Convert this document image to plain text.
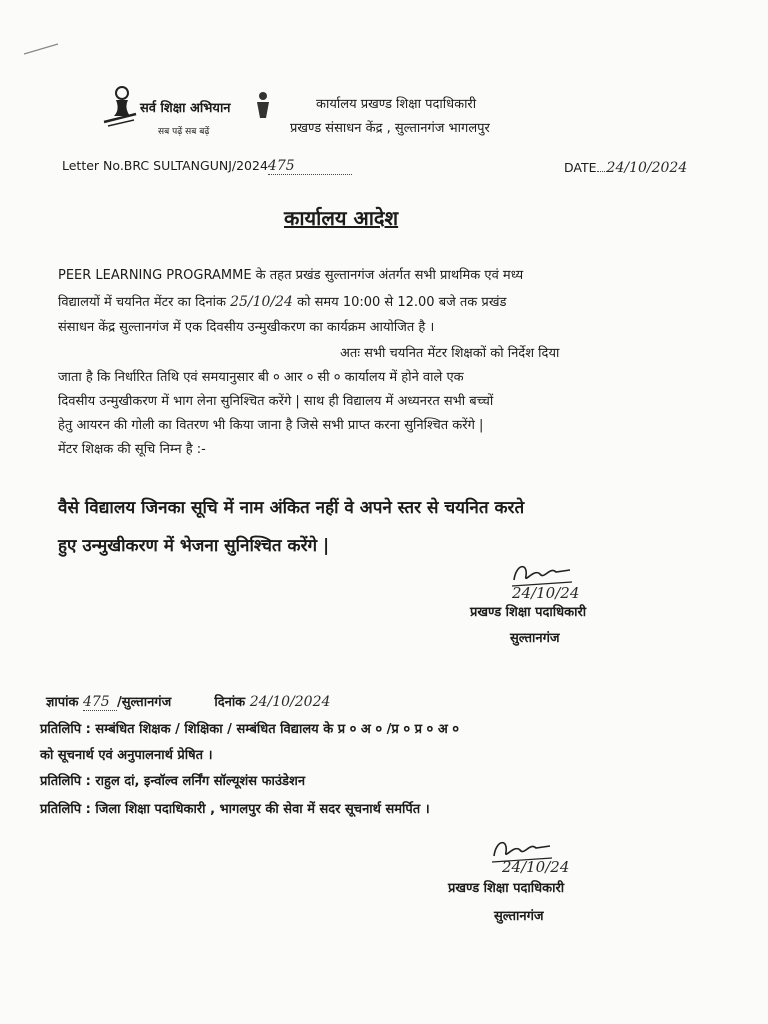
सर्व शिक्षा अभियान
सब पढ़ें सब बढ़ें
कार्यालय प्रखण्ड शिक्षा पदाधिकारी
प्रखण्ड संसाधन केंद्र , सुल्तानगंज भागलपुर
Letter No.BRC SULTANGUNJ/2024475	DATE 24/10/2024
कार्यालय आदेश
PEER LEARNING PROGRAMME के तहत प्रखंड सुल्तानगंज अंतर्गत सभी प्राथमिक एवं मध्य
विद्यालयों में चयनित मेंटर का दिनांक 25/10/24 को समय 10:00 से 12.00 बजे तक प्रखंड
संसाधन केंद्र सुल्तानगंज में एक दिवसीय उन्मुखीकरण का कार्यक्रम आयोजित है ।
अतः सभी चयनित मेंटर शिक्षकों को निर्देश दिया
जाता है कि निर्धारित तिथि एवं समयानुसार बी ० आर ० सी ० कार्यालय में होने वाले एक
दिवसीय उन्मुखीकरण में भाग लेना सुनिश्चित करेंगे | साथ ही विद्यालय में अध्यनरत सभी बच्चों
हेतु आयरन की गोली का वितरण भी किया जाना है जिसे सभी प्राप्त करना सुनिश्चित करेंगे |
मेंटर शिक्षक की सूचि निम्न है :-
वैसे विद्यालय जिनका सूचि में नाम अंकित नहीं वे अपने स्तर से चयनित करते
हुए उन्मुखीकरण में भेजना सुनिश्चित करेंगे |
24/10/24
प्रखण्ड शिक्षा पदाधिकारी
सुल्तानगंज
ज्ञापांक 475 /सुल्तानगंज	दिनांक 24/10/2024
प्रतिलिपि : सम्बंधित शिक्षक / शिक्षिका / सम्बंधित विद्यालय के प्र ० अ ० /प्र ० प्र ० अ ०
को सूचनार्थ एवं अनुपालनार्थ प्रेषित ।
प्रतिलिपि : राहुल दां, इन्वॉल्व लर्निंग सॉल्यूशंस फाउंडेशन
प्रतिलिपि : जिला शिक्षा पदाधिकारी , भागलपुर की सेवा में सदर सूचनार्थ समर्पित ।
24/10/24
प्रखण्ड शिक्षा पदाधिकारी
सुल्तानगंज
